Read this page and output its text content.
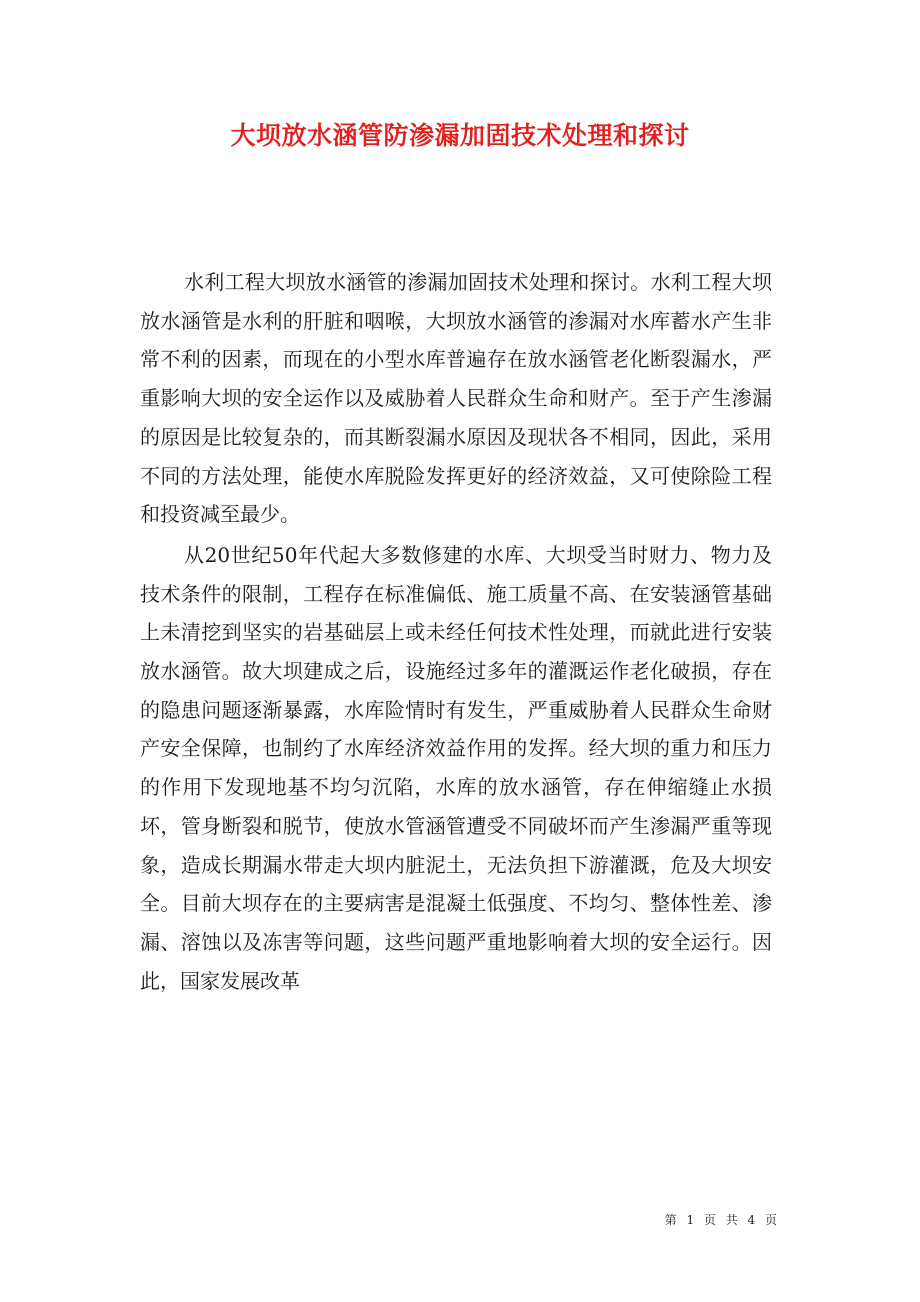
大坝放水涵管防渗漏加固技术处理和探讨

水利工程大坝放水涵管的渗漏加固技术处理和探讨。水利工程大坝放水涵管是水利的肝脏和咽喉，大坝放水涵管的渗漏对水库蓄水产生非常不利的因素，而现在的小型水库普遍存在放水涵管老化断裂漏水，严重影响大坝的安全运作以及威胁着人民群众生命和财产。至于产生渗漏的原因是比较复杂的，而其断裂漏水原因及现状各不相同，因此，采用不同的方法处理，能使水库脱险发挥更好的经济效益，又可使除险工程和投资减至最少。

从20世纪50年代起大多数修建的水库、大坝受当时财力、物力及技术条件的限制，工程存在标准偏低、施工质量不高、在安装涵管基础上未清挖到坚实的岩基础层上或未经任何技术性处理，而就此进行安装放水涵管。故大坝建成之后，设施经过多年的灌溉运作老化破损，存在的隐患问题逐渐暴露，水库险情时有发生，严重威胁着人民群众生命财产安全保障，也制约了水库经济效益作用的发挥。经大坝的重力和压力的作用下发现地基不均匀沉陷，水库的放水涵管，存在伸缩缝止水损坏，管身断裂和脱节，使放水管涵管遭受不同破坏而产生渗漏严重等现象，造成长期漏水带走大坝内脏泥土，无法负担下游灌溉，危及大坝安全。目前大坝存在的主要病害是混凝土低强度、不均匀、整体性差、渗漏、溶蚀以及冻害等问题，这些问题严重地影响着大坝的安全运行。因此，国家发展改革

第 1 页 共 4 页
